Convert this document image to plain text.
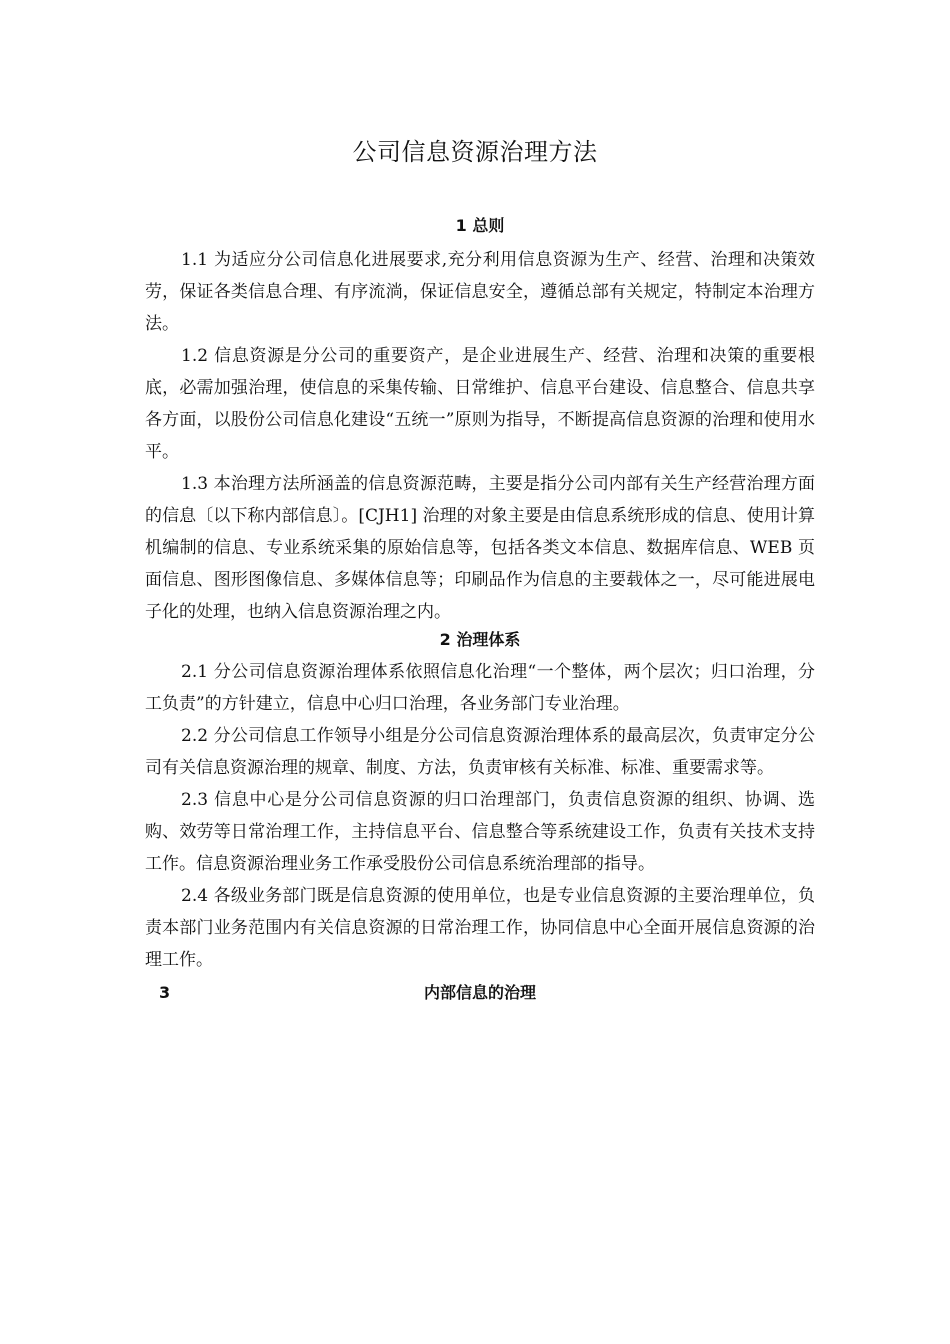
公司信息资源治理方法
1 总则

1.1 为适应分公司信息化进展要求,充分利用信息资源为生产、经营、治理和决策效劳，保证各类信息合理、有序流淌，保证信息安全，遵循总部有关规定，特制定本治理方法。

1.2 信息资源是分公司的重要资产，是企业进展生产、经营、治理和决策的重要根底，必需加强治理，使信息的采集传输、日常维护、信息平台建设、信息整合、信息共享各方面，以股份公司信息化建设“五统一”原则为指导，不断提高信息资源的治理和使用水平。

1.3 本治理方法所涵盖的信息资源范畴，主要是指分公司内部有关生产经营治理方面的信息〔以下称内部信息〕。[CJH1] 治理的对象主要是由信息系统形成的信息、使用计算机编制的信息、专业系统采集的原始信息等，包括各类文本信息、数据库信息、WEB 页面信息、图形图像信息、多媒体信息等；印刷品作为信息的主要载体之一，尽可能进展电子化的处理，也纳入信息资源治理之内。

2 治理体系

2.1 分公司信息资源治理体系依照信息化治理“一个整体，两个层次；归口治理，分工负责”的方针建立，信息中心归口治理，各业务部门专业治理。

2.2 分公司信息工作领导小组是分公司信息资源治理体系的最高层次，负责审定分公司有关信息资源治理的规章、制度、方法，负责审核有关标准、标准、重要需求等。

2.3 信息中心是分公司信息资源的归口治理部门，负责信息资源的组织、协调、选购、效劳等日常治理工作，主持信息平台、信息整合等系统建设工作，负责有关技术支持工作。信息资源治理业务工作承受股份公司信息系统治理部的指导。

2.4 各级业务部门既是信息资源的使用单位，也是专业信息资源的主要治理单位，负责本部门业务范围内有关信息资源的日常治理工作，协同信息中心全面开展信息资源的治理工作。

3	内部信息的治理
